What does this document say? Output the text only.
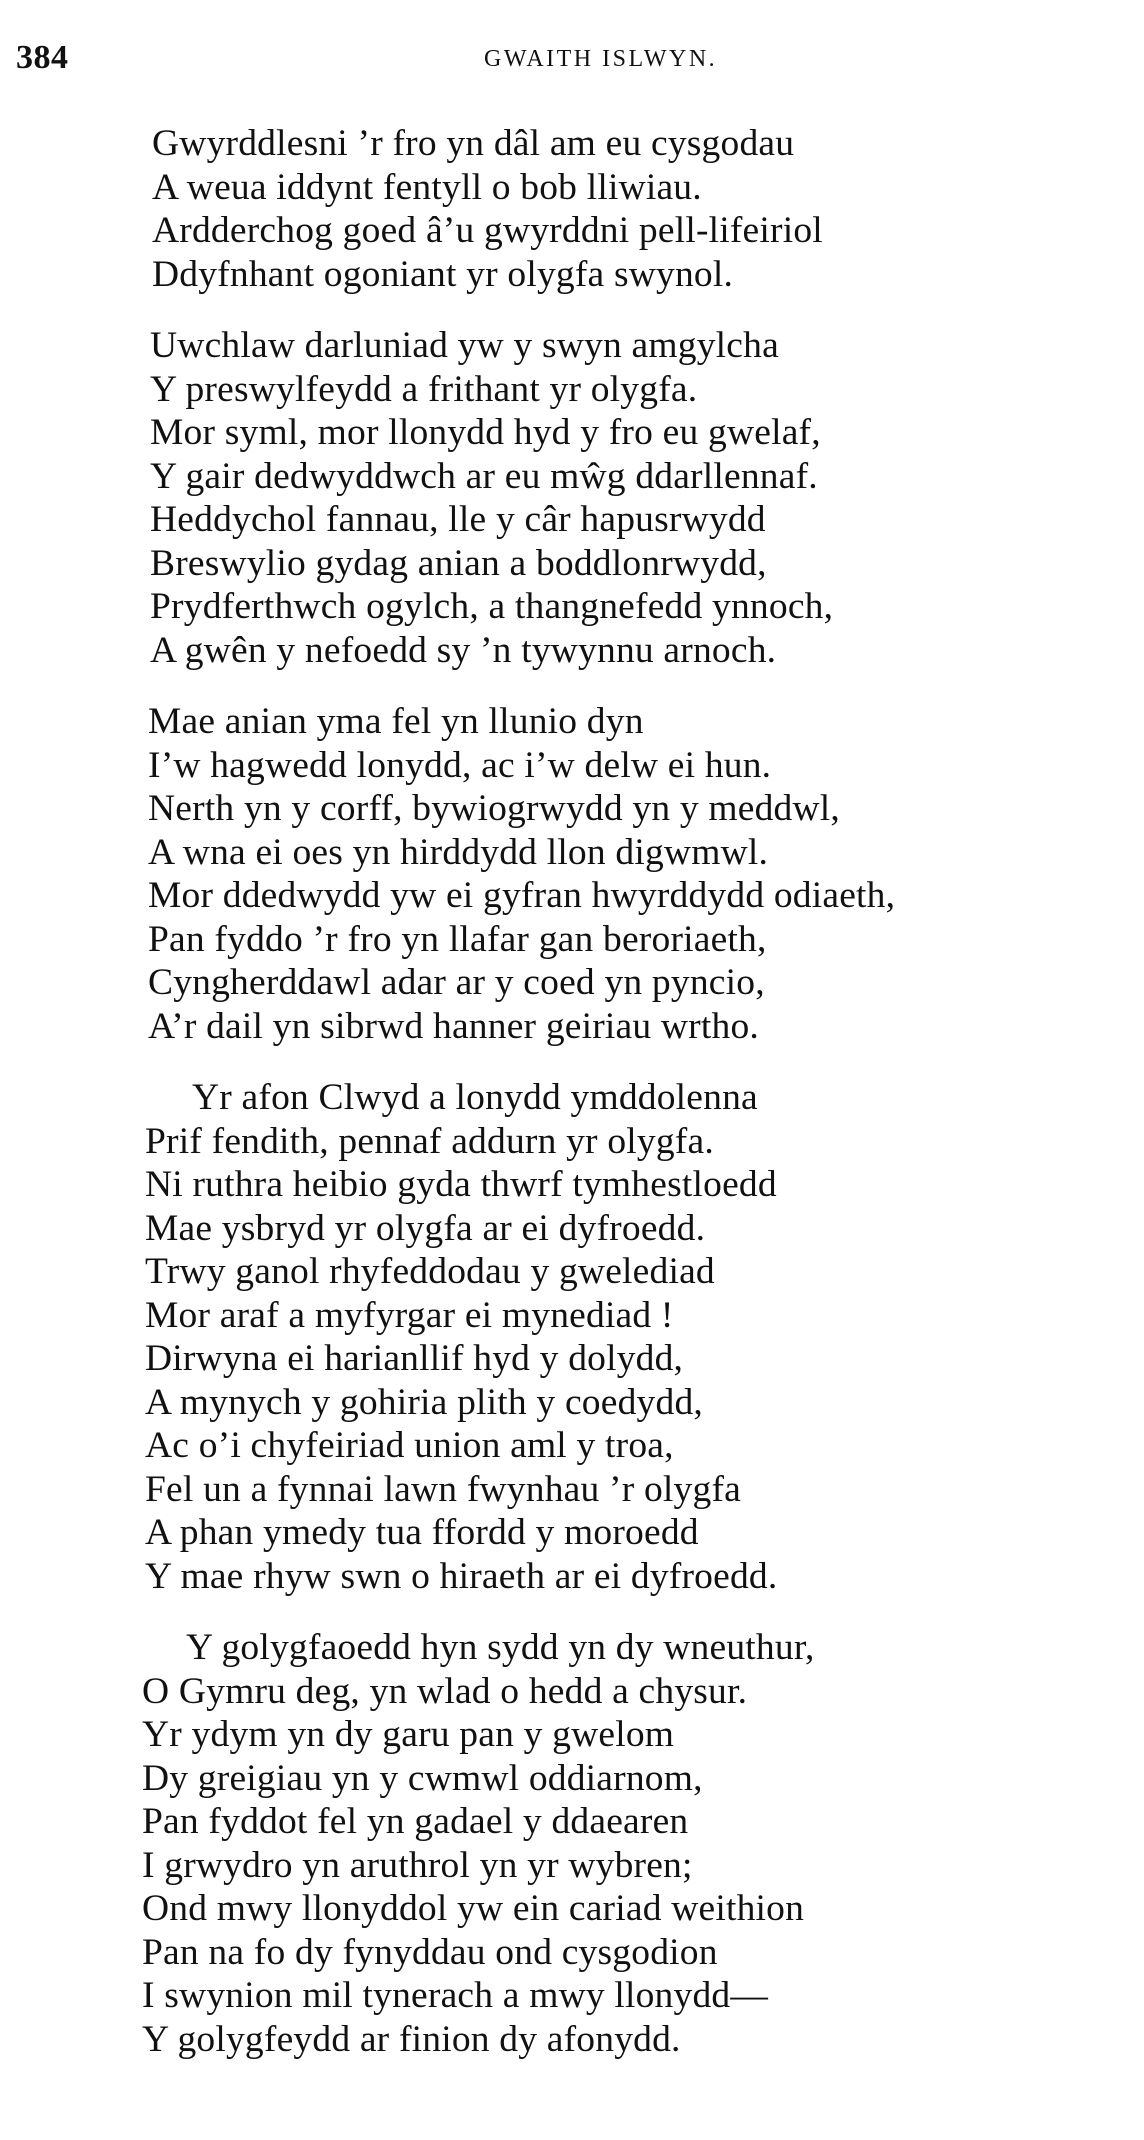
384	GWAITH ISLWYN.
Gwyrddlesni ’r fro yn dâl am eu cysgodau
A weua iddynt fentyll o bob lliwiau.
Ardderchog goed â’u gwyrddni pell-lifeiriol
Ddyfnhant ogoniant yr olygfa swynol.
Uwchlaw darluniad yw y swyn amgylcha
Y preswylfeydd a frithant yr olygfa.
Mor syml, mor llonydd hyd y fro eu gwelaf,
Y gair dedwyddwch ar eu mŵg ddarllennaf.
Heddychol fannau, lle y câr hapusrwydd
Breswylio gydag anian a boddlonrwydd,
Prydferthwch ogylch, a thangnefedd ynnoch,
A gwên y nefoedd sy ’n tywynnu arnoch.
Mae anian yma fel yn llunio dyn
I’w hagwedd lonydd, ac i’w delw ei hun.
Nerth yn y corff, bywiogrwydd yn y meddwl,
A wna ei oes yn hirddydd llon digwmwl.
Mor ddedwydd yw ei gyfran hwyrddydd odiaeth,
Pan fyddo ’r fro yn llafar gan beroriaeth,
Cyngherddawl adar ar y coed yn pyncio,
A’r dail yn sibrwd hanner geiriau wrtho.
Yr afon Clwyd a lonydd ymddolenna
Prif fendith, pennaf addurn yr olygfa.
Ni ruthra heibio gyda thwrf tymhestloedd
Mae ysbryd yr olygfa ar ei dyfroedd.
Trwy ganol rhyfeddodau y gwelediad
Mor araf a myfyrgar ei mynediad !
Dirwyna ei harianllif hyd y dolydd,
A mynych y gohiria plith y coedydd,
Ac o’i chyfeiriad union aml y troa,
Fel un a fynnai lawn fwynhau ’r olygfa
A phan ymedy tua ffordd y moroedd
Y mae rhyw swn o hiraeth ar ei dyfroedd.
Y golygfaoedd hyn sydd yn dy wneuthur,
O Gymru deg, yn wlad o hedd a chysur.
Yr ydym yn dy garu pan y gwelom
Dy greigiau yn y cwmwl oddiarnom,
Pan fyddot fel yn gadael y ddaearen
I grwydro yn aruthrol yn yr wybren;
Ond mwy llonyddol yw ein cariad weithion
Pan na fo dy fynyddau ond cysgodion
I swynion mil tynerach a mwy llonydd—
Y golygfeydd ar finion dy afonydd.
